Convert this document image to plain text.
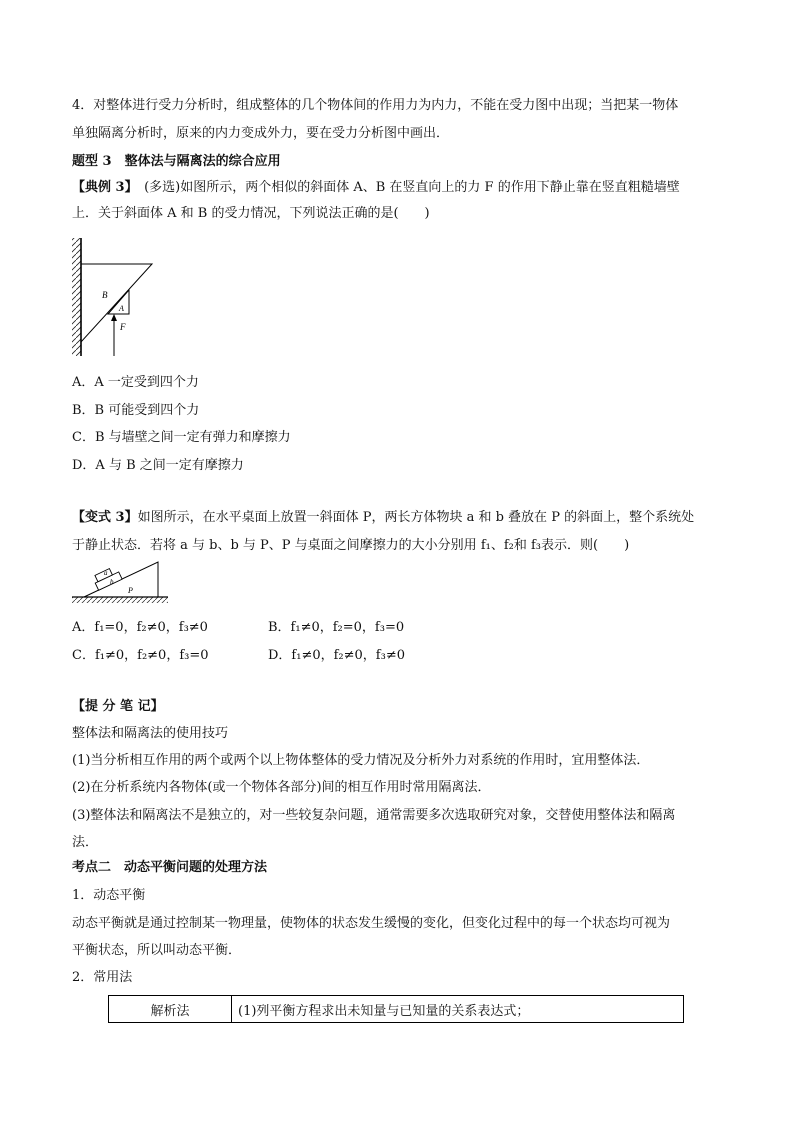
4．对整体进行受力分析时，组成整体的几个物体间的作用力为内力，不能在受力图中出现；当把某一物体
单独隔离分析时，原来的内力变成外力，要在受力分析图中画出．
题型 3　整体法与隔离法的综合应用
【典例 3】　(多选)如图所示，两个相似的斜面体 A、B 在竖直向上的力 F 的作用下静止靠在竖直粗糙墙壁
上．关于斜面体 A 和 B 的受力情况，下列说法正确的是(　　)
B
A
F
A．A 一定受到四个力
B．B 可能受到四个力
C．B 与墙壁之间一定有弹力和摩擦力
D．A 与 B 之间一定有摩擦力
【变式 3】如图所示，在水平桌面上放置一斜面体 P，两长方体物块 a 和 b 叠放在 P 的斜面上，整个系统处
于静止状态．若将 a 与 b、b 与 P、P 与桌面之间摩擦力的大小分别用 f₁、f₂和 f₃表示．则(　　)
a
b
P
A．f₁=0，f₂≠0，f₃≠0	B．f₁≠0，f₂=0，f₃=0
C．f₁≠0，f₂≠0，f₃=0	D．f₁≠0，f₂≠0，f₃≠0
【提 分 笔 记】
整体法和隔离法的使用技巧
(1)当分析相互作用的两个或两个以上物体整体的受力情况及分析外力对系统的作用时，宜用整体法．
(2)在分析系统内各物体(或一个物体各部分)间的相互作用时常用隔离法．
(3)整体法和隔离法不是独立的，对一些较复杂问题，通常需要多次选取研究对象，交替使用整体法和隔离
法．
考点二　动态平衡问题的处理方法
1．动态平衡
动态平衡就是通过控制某一物理量，使物体的状态发生缓慢的变化，但变化过程中的每一个状态均可视为
平衡状态，所以叫动态平衡．
2．常用法
解析法	(1)列平衡方程求出未知量与已知量的关系表达式；
